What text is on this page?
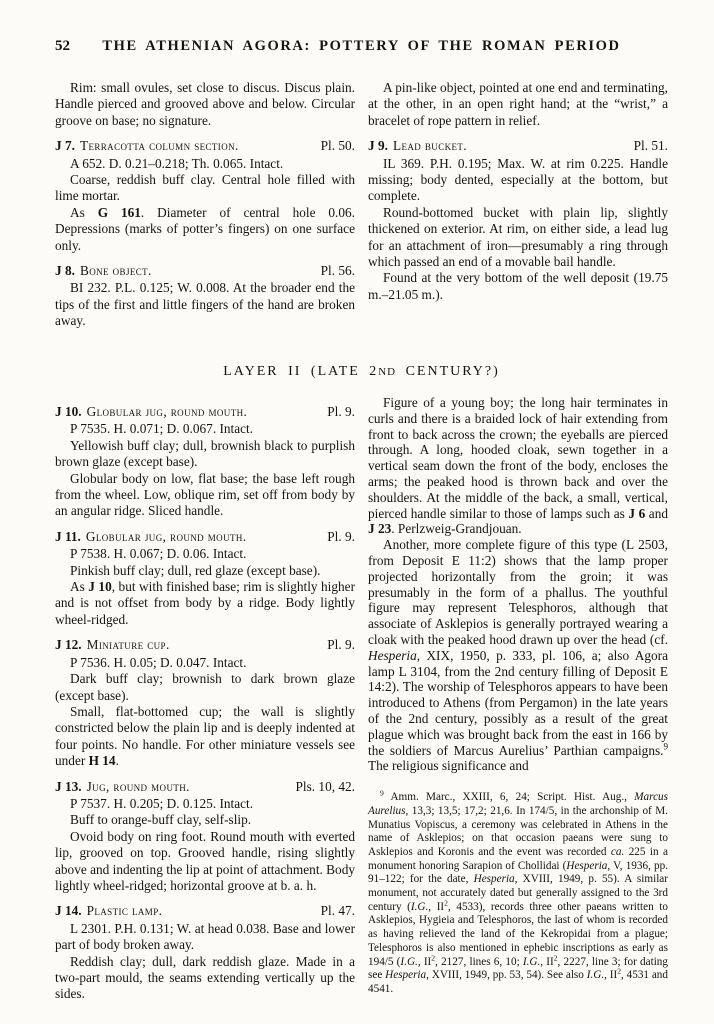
52	THE ATHENIAN AGORA: POTTERY OF THE ROMAN PERIOD

Rim: small ovules, set close to discus. Discus plain. Handle pierced and grooved above and below. Circular groove on base; no signature.

J 7. Terracotta column section.	Pl. 50.

A 652. D. 0.21–0.218; Th. 0.065. Intact.

Coarse, reddish buff clay. Central hole filled with lime mortar.

As G 161. Diameter of central hole 0.06. Depressions (marks of potter’s fingers) on one surface only.

J 8. Bone object.	Pl. 56.

BI 232. P.L. 0.125; W. 0.008. At the broader end the tips of the first and little fingers of the hand are broken away.

A pin-like object, pointed at one end and terminating, at the other, in an open right hand; at the “wrist,” a bracelet of rope pattern in relief.

J 9. Lead bucket.	Pl. 51.

IL 369. P.H. 0.195; Max. W. at rim 0.225. Handle missing; body dented, especially at the bottom, but complete.

Round-bottomed bucket with plain lip, slightly thickened on exterior. At rim, on either side, a lead lug for an attachment of iron—presumably a ring through which passed an end of a movable bail handle.

Found at the very bottom of the well deposit (19.75 m.–21.05 m.).

LAYER II (LATE 2ND CENTURY?)
J 10. Globular jug, round mouth.	Pl. 9.

P 7535. H. 0.071; D. 0.067. Intact.

Yellowish buff clay; dull, brownish black to purplish brown glaze (except base).

Globular body on low, flat base; the base left rough from the wheel. Low, oblique rim, set off from body by an angular ridge. Sliced handle.

J 11. Globular jug, round mouth.	Pl. 9.

P 7538. H. 0.067; D. 0.06. Intact.

Pinkish buff clay; dull, red glaze (except base).

As J 10, but with finished base; rim is slightly higher and is not offset from body by a ridge. Body lightly wheel-ridged.

J 12. Miniature cup.	Pl. 9.

P 7536. H. 0.05; D. 0.047. Intact.

Dark buff clay; brownish to dark brown glaze (except base).

Small, flat-bottomed cup; the wall is slightly constricted below the plain lip and is deeply indented at four points. No handle. For other miniature vessels see under H 14.

J 13. Jug, round mouth.	Pls. 10, 42.

P 7537. H. 0.205; D. 0.125. Intact.

Buff to orange-buff clay, self-slip.

Ovoid body on ring foot. Round mouth with everted lip, grooved on top. Grooved handle, rising slightly above and indenting the lip at point of attachment. Body lightly wheel-ridged; horizontal groove at b. a. h.

J 14. Plastic lamp.	Pl. 47.

L 2301. P.H. 0.131; W. at head 0.038. Base and lower part of body broken away.

Reddish clay; dull, dark reddish glaze. Made in a two-part mould, the seams extending vertically up the sides.

Figure of a young boy; the long hair terminates in curls and there is a braided lock of hair extending from front to back across the crown; the eyeballs are pierced through. A long, hooded cloak, sewn together in a vertical seam down the front of the body, encloses the arms; the peaked hood is thrown back and over the shoulders. At the middle of the back, a small, vertical, pierced handle similar to those of lamps such as J 6 and J 23. Perlzweig-Grandjouan.

Another, more complete figure of this type (L 2503, from Deposit E 11:2) shows that the lamp proper projected horizontally from the groin; it was presumably in the form of a phallus. The youthful figure may represent Telesphoros, although that associate of Asklepios is generally portrayed wearing a cloak with the peaked hood drawn up over the head (cf. Hesperia, XIX, 1950, p. 333, pl. 106, a; also Agora lamp L 3104, from the 2nd century filling of Deposit E 14:2). The worship of Telesphoros appears to have been introduced to Athens (from Pergamon) in the late years of the 2nd century, possibly as a result of the great plague which was brought back from the east in 166 by the soldiers of Marcus Aurelius’ Parthian campaigns.$^9$ The religious significance and

$^9$ Amm. Marc., XXIII, 6, 24; Script. Hist. Aug., Marcus Aurelius, 13,3; 13,5; 17,2; 21,6. In 174/5, in the archonship of M. Munatius Vopiscus, a ceremony was celebrated in Athens in the name of Asklepios; on that occasion paeans were sung to Asklepios and Koronis and the event was recorded ca. 225 in a monument honoring Sarapion of Chollidai (Hesperia, V, 1936, pp. 91–122; for the date, Hesperia, XVIII, 1949, p. 55). A similar monument, not accurately dated but generally assigned to the 3rd century (I.G., $II^2$, 4533), records three other paeans written to Asklepios, Hygieia and Telesphoros, the last of whom is recorded as having relieved the land of the Kekropidai from a plague; Telesphoros is also mentioned in ephebic inscriptions as early as 194/5 (I.G., $II^2$, 2127, lines 6, 10; I.G., $II^2$, 2227, line 3; for dating see Hesperia, XVIII, 1949, pp. 53, 54). See also I.G., $II^2$, 4531 and 4541.
